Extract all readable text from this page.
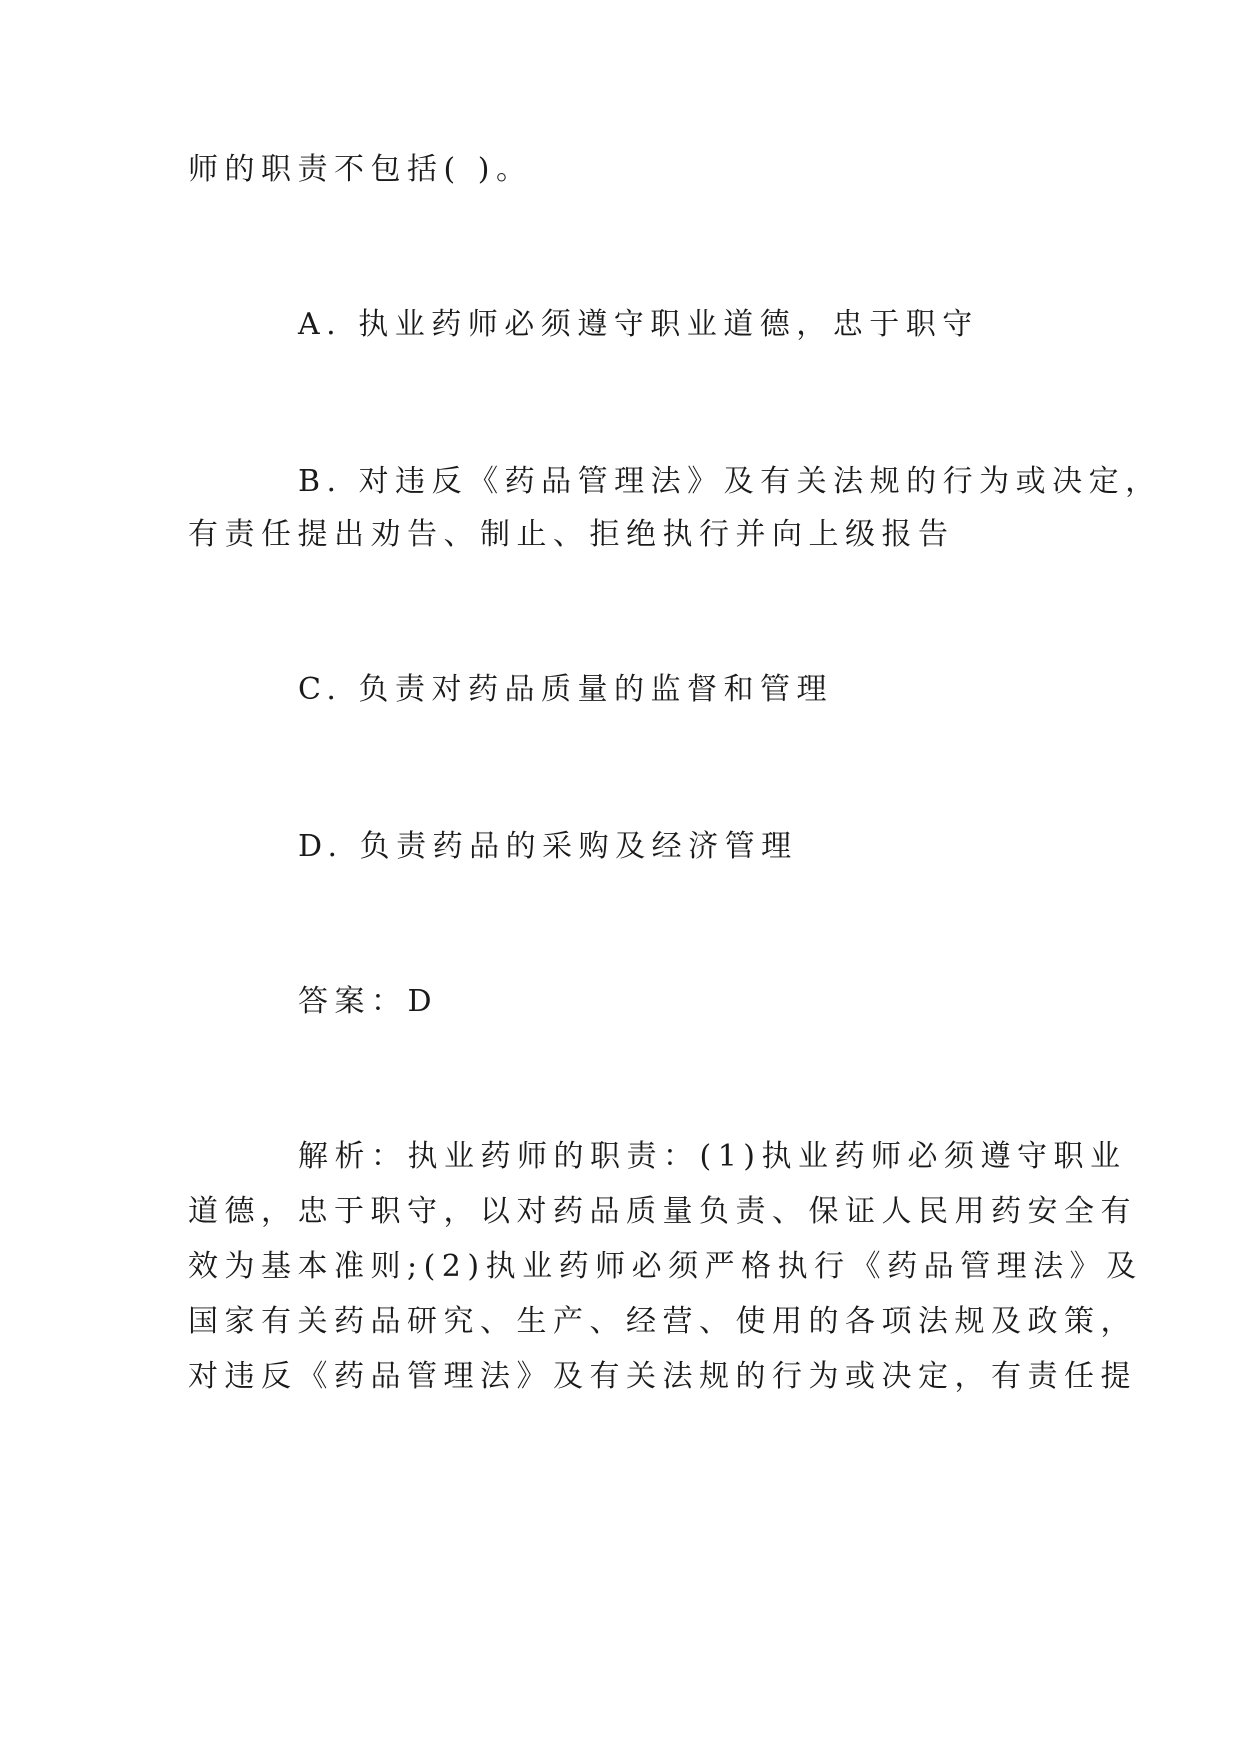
师的职责不包括( )。
A. 执业药师必须遵守职业道德，忠于职守
B. 对违反《药品管理法》及有关法规的行为或决定，
有责任提出劝告、制止、拒绝执行并向上级报告
C. 负责对药品质量的监督和管理
D. 负责药品的采购及经济管理
答案：D
解析：执业药师的职责：(1)执业药师必须遵守职业
道德，忠于职守，以对药品质量负责、保证人民用药安全有
效为基本准则;(2)执业药师必须严格执行《药品管理法》及
国家有关药品研究、生产、经营、使用的各项法规及政策，
对违反《药品管理法》及有关法规的行为或决定，有责任提
